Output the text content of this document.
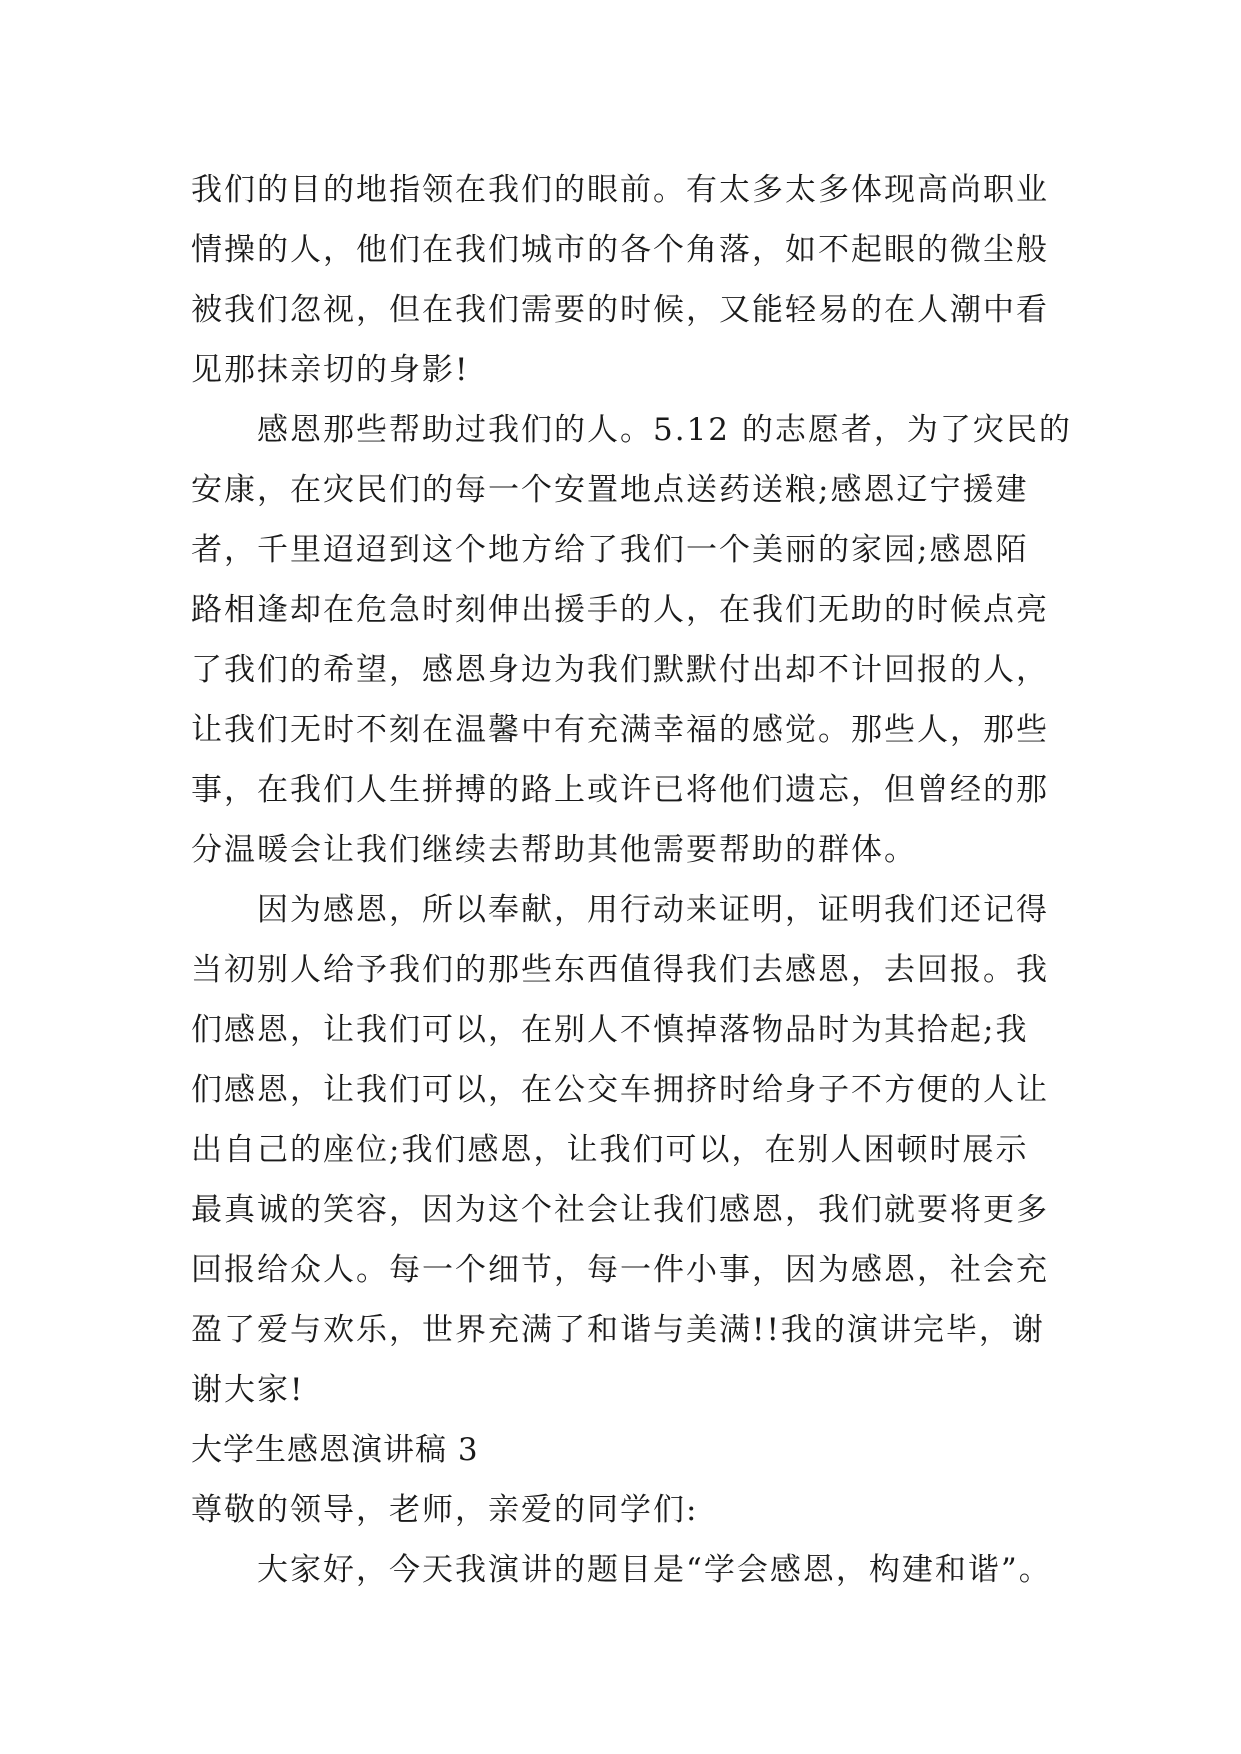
我们的目的地指领在我们的眼前。有太多太多体现高尚职业
情操的人，他们在我们城市的各个角落，如不起眼的微尘般
被我们忽视，但在我们需要的时候，又能轻易的在人潮中看
见那抹亲切的身影!
感恩那些帮助过我们的人。5.12 的志愿者，为了灾民的
安康，在灾民们的每一个安置地点送药送粮;感恩辽宁援建
者，千里迢迢到这个地方给了我们一个美丽的家园;感恩陌
路相逢却在危急时刻伸出援手的人，在我们无助的时候点亮
了我们的希望，感恩身边为我们默默付出却不计回报的人，
让我们无时不刻在温馨中有充满幸福的感觉。那些人，那些
事，在我们人生拼搏的路上或许已将他们遗忘，但曾经的那
分温暖会让我们继续去帮助其他需要帮助的群体。
因为感恩，所以奉献，用行动来证明，证明我们还记得
当初别人给予我们的那些东西值得我们去感恩，去回报。我
们感恩，让我们可以，在别人不慎掉落物品时为其拾起;我
们感恩，让我们可以，在公交车拥挤时给身子不方便的人让
出自己的座位;我们感恩，让我们可以，在别人困顿时展示
最真诚的笑容，因为这个社会让我们感恩，我们就要将更多
回报给众人。每一个细节，每一件小事，因为感恩，社会充
盈了爱与欢乐，世界充满了和谐与美满!!我的演讲完毕，谢
谢大家!
大学生感恩演讲稿 3
尊敬的领导，老师，亲爱的同学们:
大家好，今天我演讲的题目是“学会感恩，构建和谐”。
